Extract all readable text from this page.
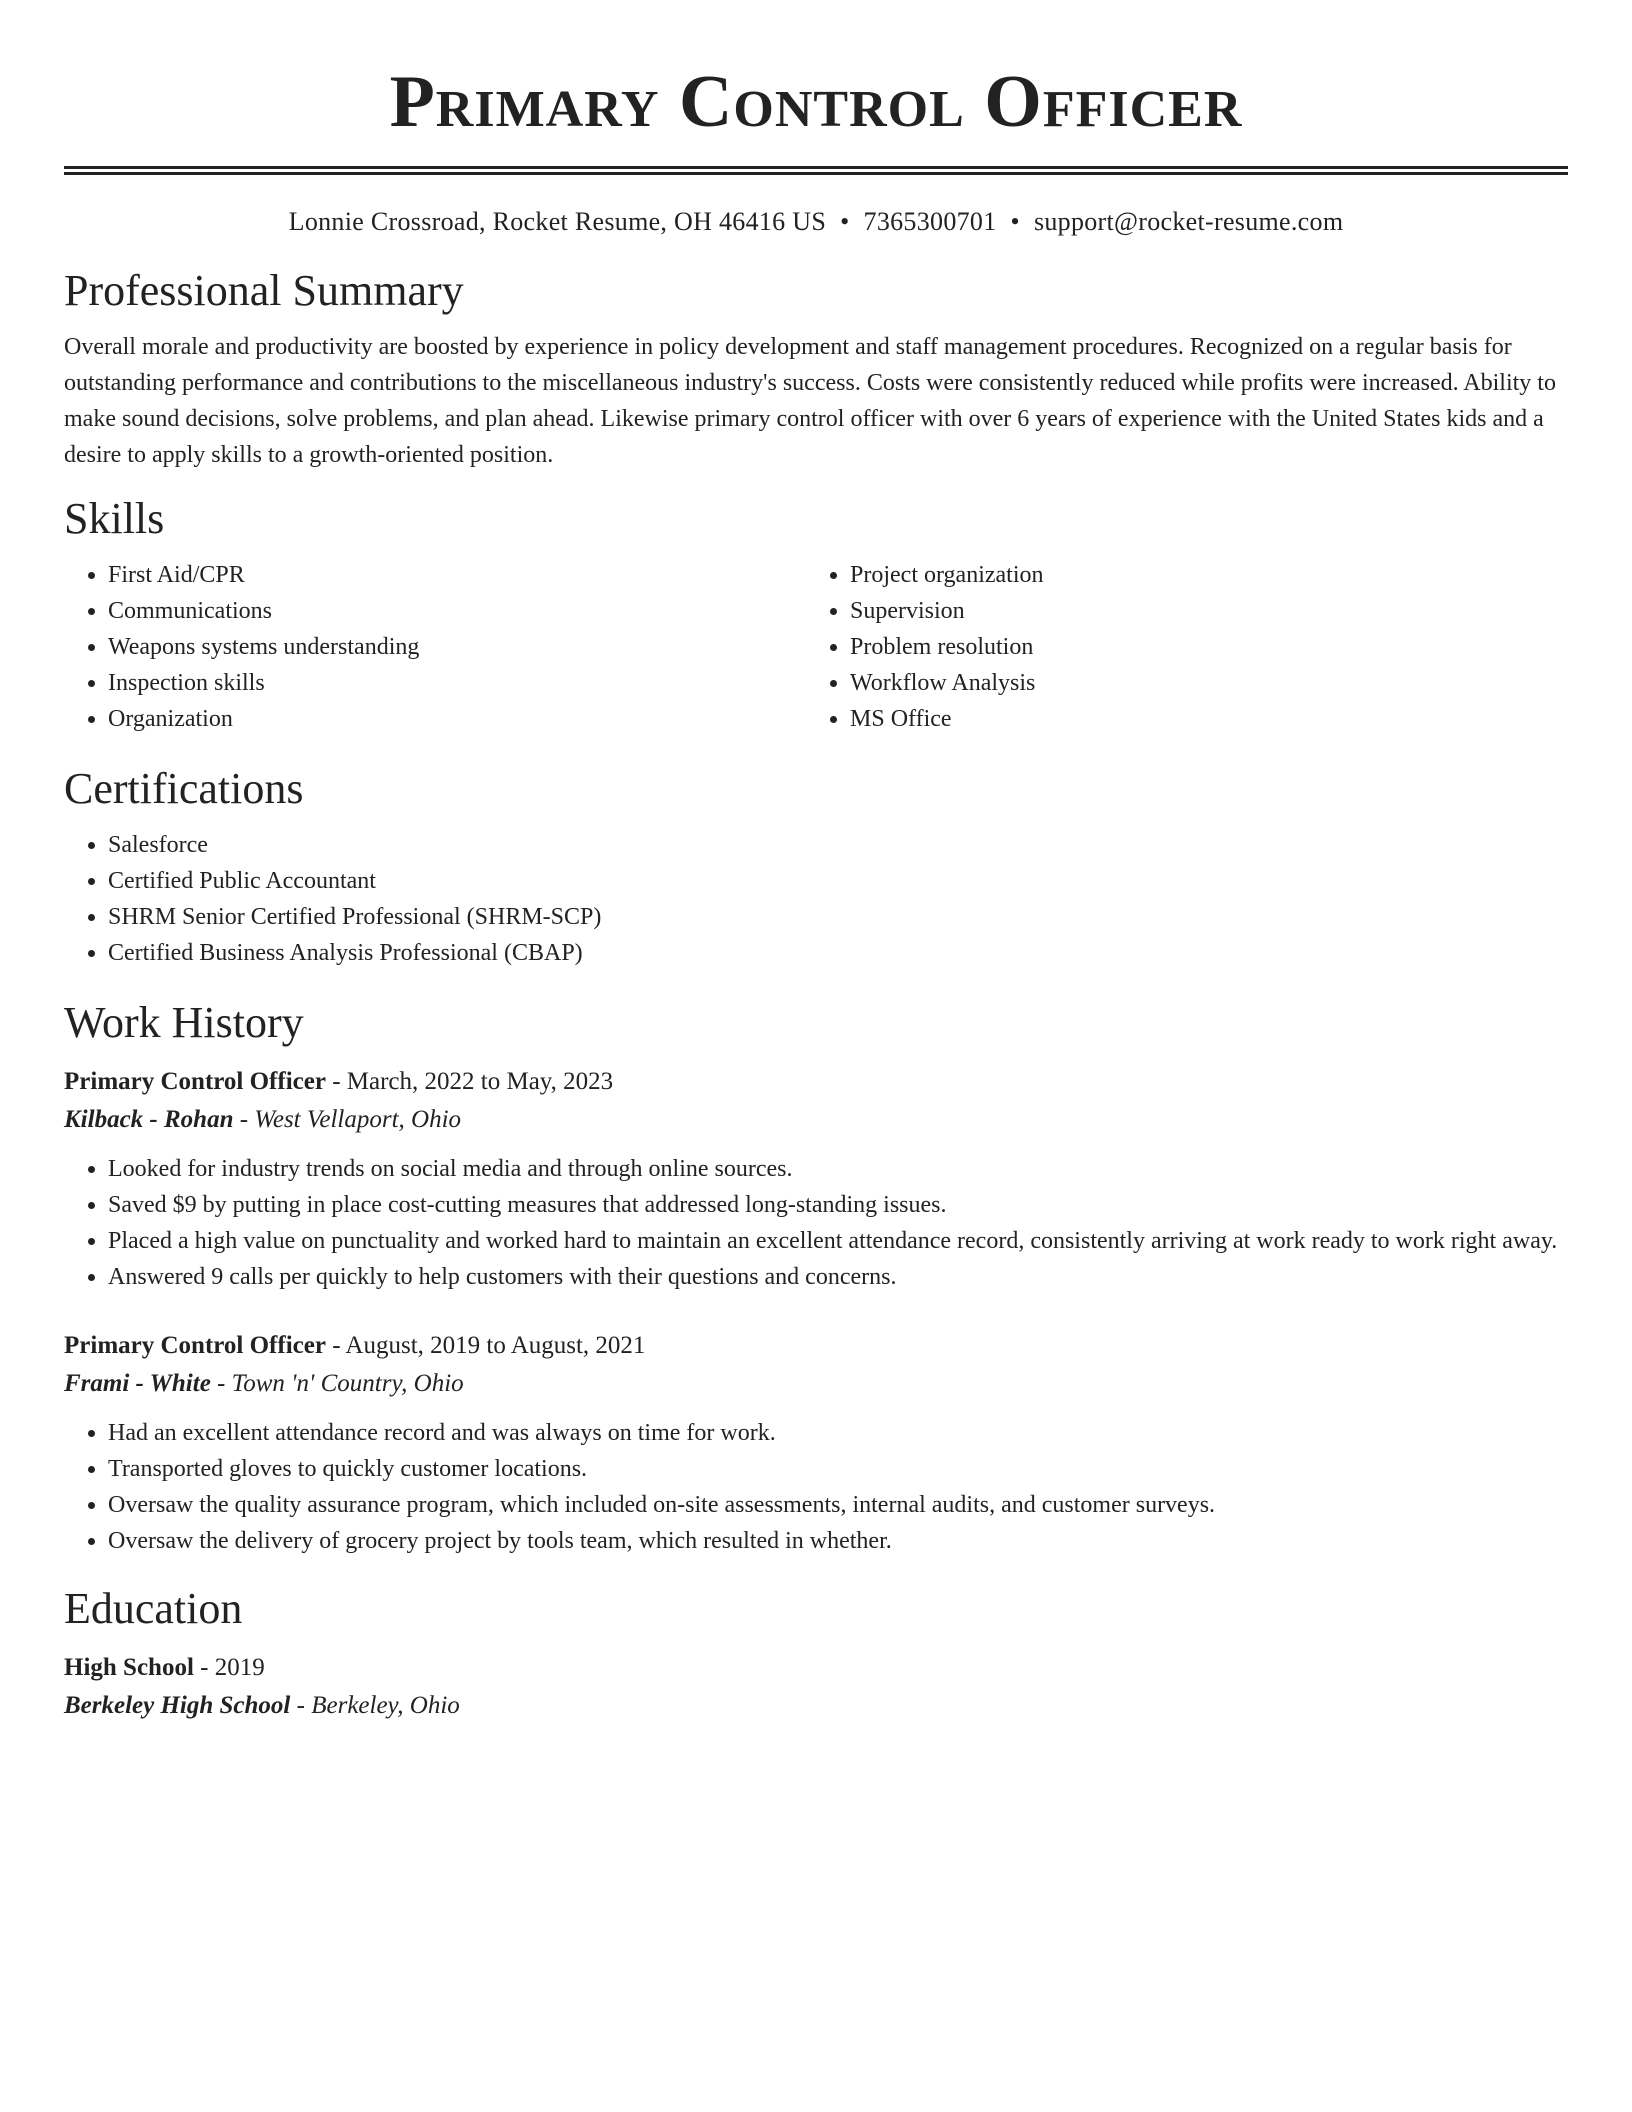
Primary Control Officer
Lonnie Crossroad, Rocket Resume, OH 46416 US • 7365300701 • support@rocket-resume.com
Professional Summary

Overall morale and productivity are boosted by experience in policy development and staff management procedures. Recognized on a regular basis for outstanding performance and contributions to the miscellaneous industry's success. Costs were consistently reduced while profits were increased. Ability to make sound decisions, solve problems, and plan ahead. Likewise primary control officer with over 6 years of experience with the United States kids and a desire to apply skills to a growth-oriented position.

Skills
• First Aid/CPR
• Communications
• Weapons systems understanding
• Inspection skills
• Organization
• Project organization
• Supervision
• Problem resolution
• Workflow Analysis
• MS Office
Certifications
• Salesforce
• Certified Public Accountant
• SHRM Senior Certified Professional (SHRM-SCP)
• Certified Business Analysis Professional (CBAP)
Work History
Primary Control Officer - March, 2022 to May, 2023
Kilback - Rohan - West Vellaport, Ohio
• Looked for industry trends on social media and through online sources.
• Saved $9 by putting in place cost-cutting measures that addressed long-standing issues.
• Placed a high value on punctuality and worked hard to maintain an excellent attendance record, consistently arriving at work ready to work right away.
• Answered 9 calls per quickly to help customers with their questions and concerns.
Primary Control Officer - August, 2019 to August, 2021
Frami - White - Town 'n' Country, Ohio
• Had an excellent attendance record and was always on time for work.
• Transported gloves to quickly customer locations.
• Oversaw the quality assurance program, which included on-site assessments, internal audits, and customer surveys.
• Oversaw the delivery of grocery project by tools team, which resulted in whether.
Education
High School - 2019
Berkeley High School - Berkeley, Ohio
